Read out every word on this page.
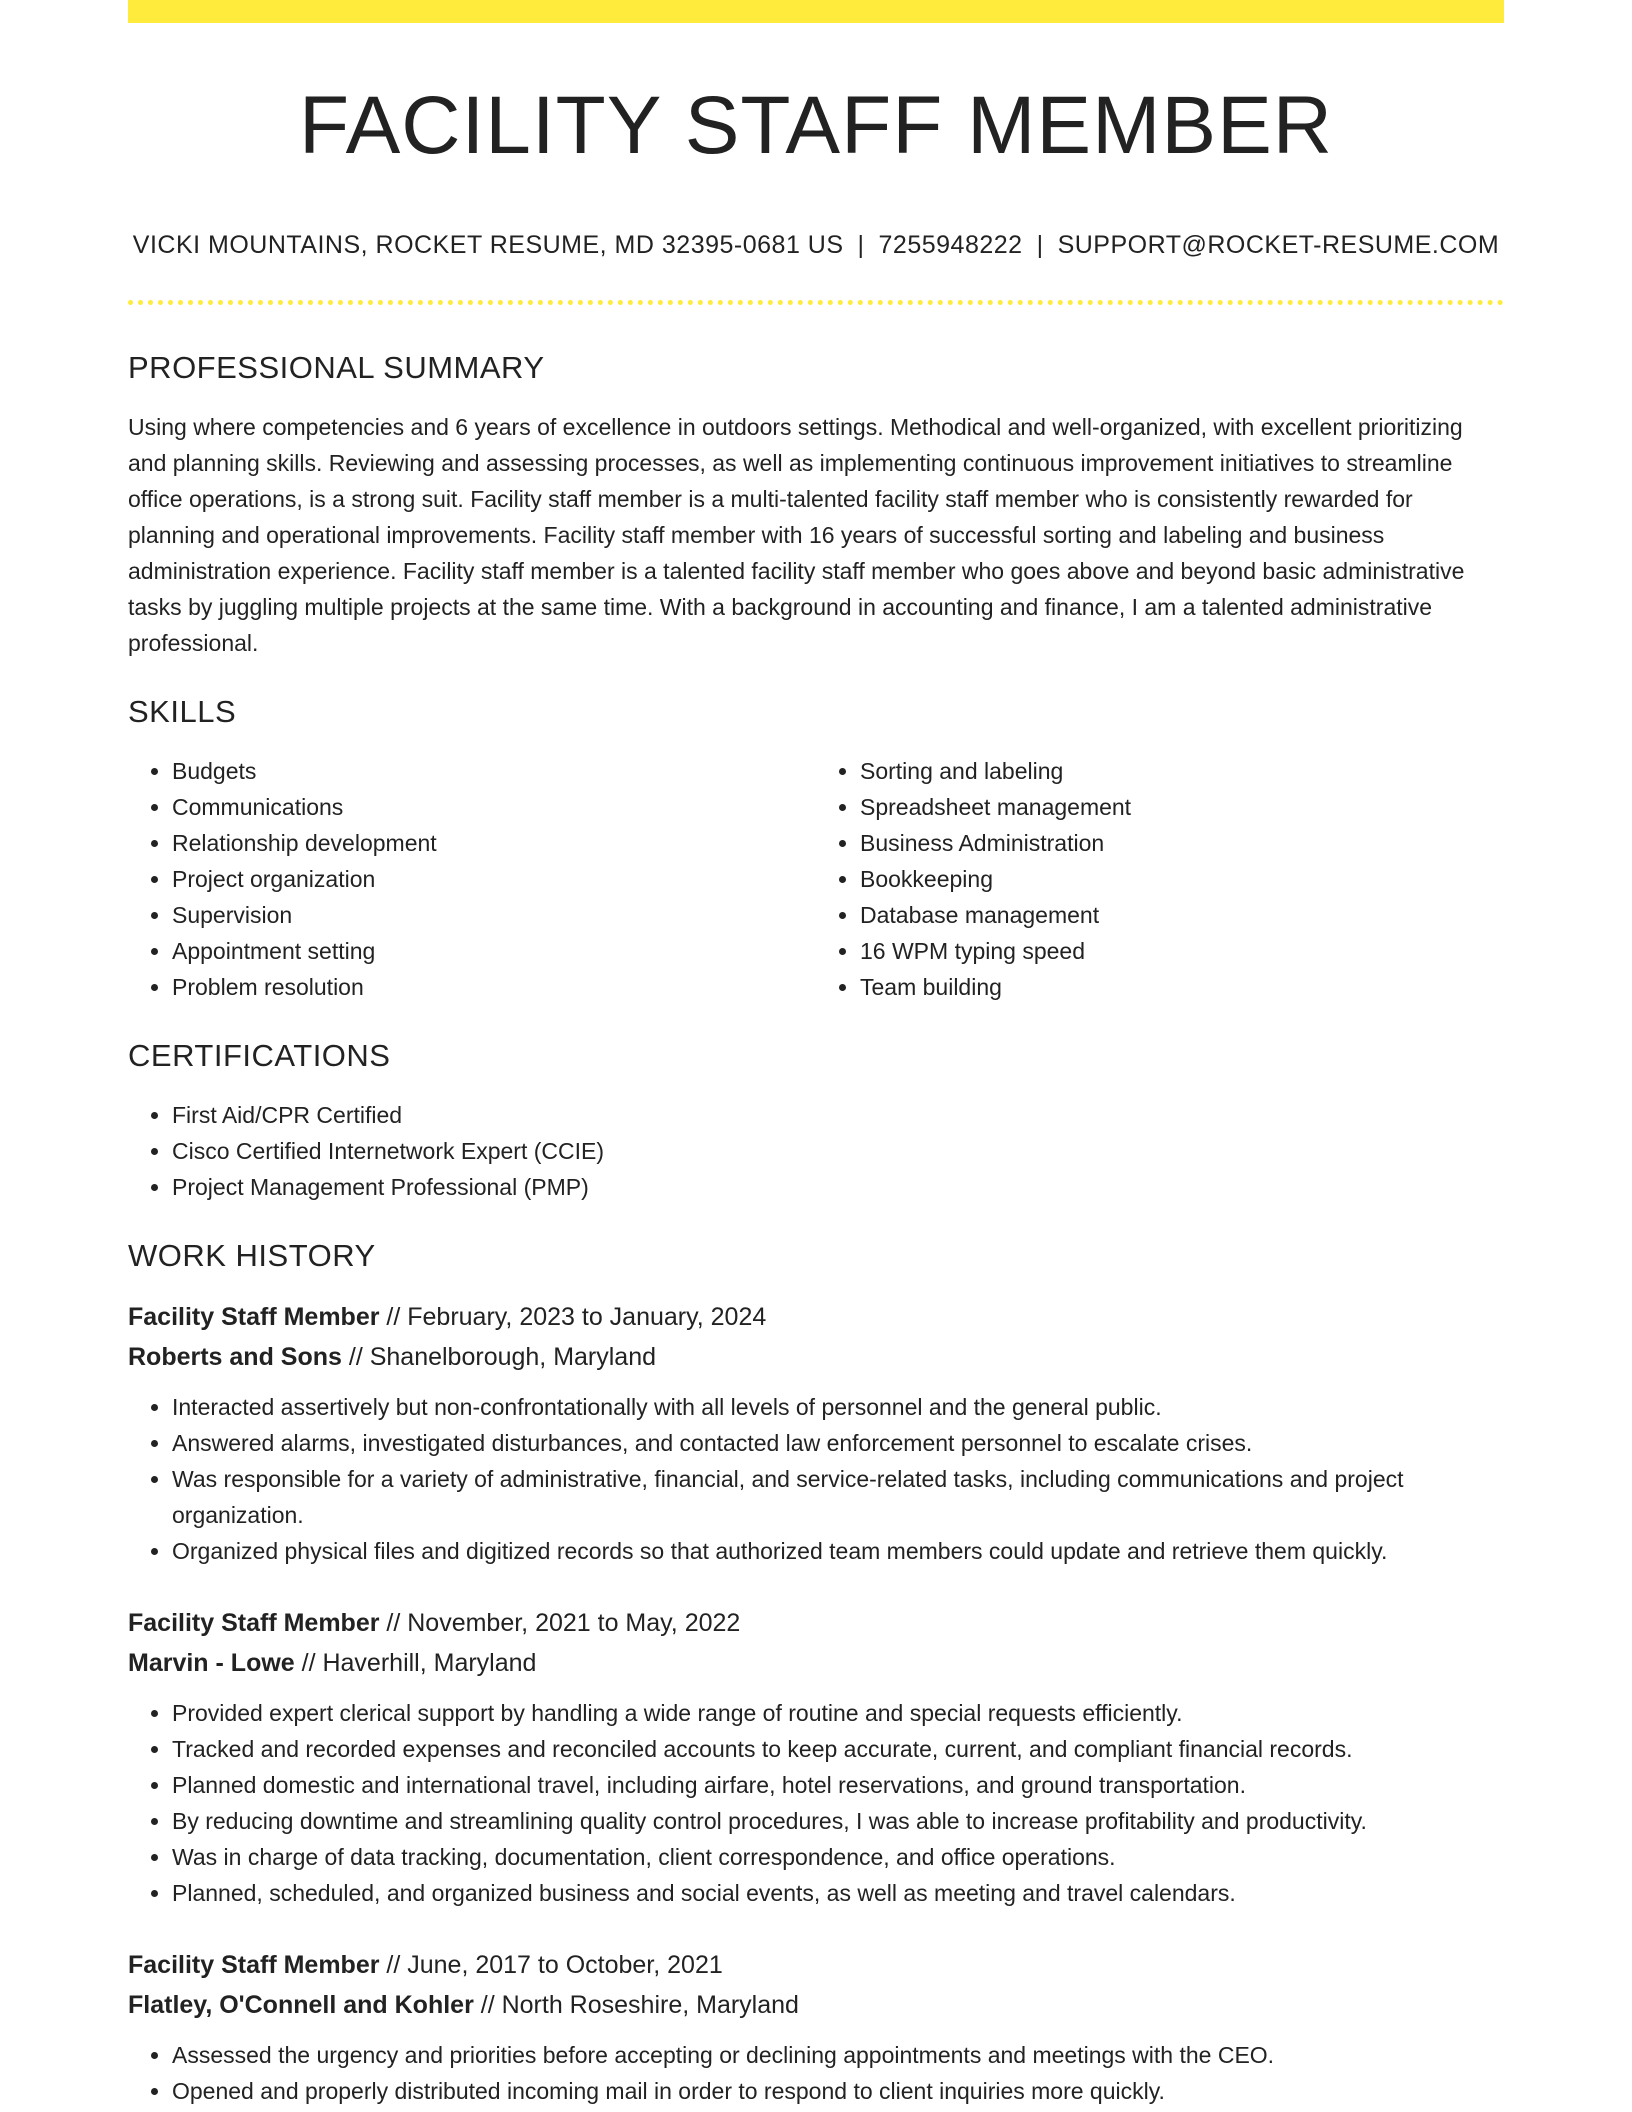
FACILITY STAFF MEMBER
VICKI MOUNTAINS, ROCKET RESUME, MD 32395-0681 US | 7255948222 | SUPPORT@ROCKET-RESUME.COM
PROFESSIONAL SUMMARY
Using where competencies and 6 years of excellence in outdoors settings. Methodical and well-organized, with excellent prioritizing and planning skills. Reviewing and assessing processes, as well as implementing continuous improvement initiatives to streamline office operations, is a strong suit. Facility staff member is a multi-talented facility staff member who is consistently rewarded for planning and operational improvements. Facility staff member with 16 years of successful sorting and labeling and business administration experience. Facility staff member is a talented facility staff member who goes above and beyond basic administrative tasks by juggling multiple projects at the same time. With a background in accounting and finance, I am a talented administrative professional.
SKILLS
• Budgets
• Communications
• Relationship development
• Project organization
• Supervision
• Appointment setting
• Problem resolution
• Sorting and labeling
• Spreadsheet management
• Business Administration
• Bookkeeping
• Database management
• 16 WPM typing speed
• Team building
CERTIFICATIONS
• First Aid/CPR Certified
• Cisco Certified Internetwork Expert (CCIE)
• Project Management Professional (PMP)
WORK HISTORY
Facility Staff Member // February, 2023 to January, 2024
Roberts and Sons // Shanelborough, Maryland
• Interacted assertively but non-confrontationally with all levels of personnel and the general public.
• Answered alarms, investigated disturbances, and contacted law enforcement personnel to escalate crises.
• Was responsible for a variety of administrative, financial, and service-related tasks, including communications and project organization.
• Organized physical files and digitized records so that authorized team members could update and retrieve them quickly.
Facility Staff Member // November, 2021 to May, 2022
Marvin - Lowe // Haverhill, Maryland
• Provided expert clerical support by handling a wide range of routine and special requests efficiently.
• Tracked and recorded expenses and reconciled accounts to keep accurate, current, and compliant financial records.
• Planned domestic and international travel, including airfare, hotel reservations, and ground transportation.
• By reducing downtime and streamlining quality control procedures, I was able to increase profitability and productivity.
• Was in charge of data tracking, documentation, client correspondence, and office operations.
• Planned, scheduled, and organized business and social events, as well as meeting and travel calendars.
Facility Staff Member // June, 2017 to October, 2021
Flatley, O'Connell and Kohler // North Roseshire, Maryland
• Assessed the urgency and priorities before accepting or declining appointments and meetings with the CEO.
• Opened and properly distributed incoming mail in order to respond to client inquiries more quickly.
